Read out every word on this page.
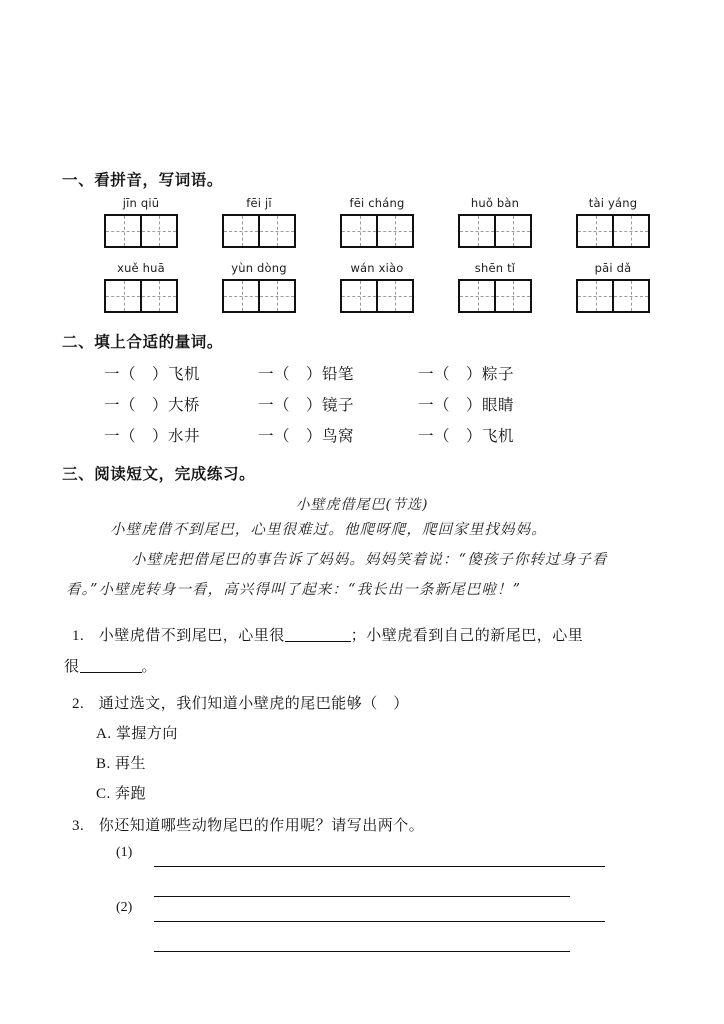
一、看拼音，写词语。
jīn qiū	fēi jī	fēi cháng	huǒ bàn	tài yáng
xuě huā	yùn dòng	wán xiào	shēn tǐ	pāi dǎ
二、填上合适的量词。
一（　）飞机	一（　）铅笔	一（　）粽子
一（　）大桥	一（　）镜子	一（　）眼睛
一（　）水井	一（　）鸟窝	一（　）飞机
三、阅读短文，完成练习。
小壁虎借尾巴(节选)
小壁虎借不到尾巴，心里很难过。他爬呀爬，爬回家里找妈妈。
小壁虎把借尾巴的事告诉了妈妈。妈妈笑着说：“傻孩子你转过身子看
看。”小壁虎转身一看，高兴得叫了起来：“我长出一条新尾巴啦！”
1. 小壁虎借不到尾巴，心里很	；小壁虎看到自己的新尾巴，心里
很	。
2. 通过选文，我们知道小壁虎的尾巴能够（　）
A. 掌握方向
B. 再生
C. 奔跑
3. 你还知道哪些动物尾巴的作用呢？请写出两个。
(1)
(2)
